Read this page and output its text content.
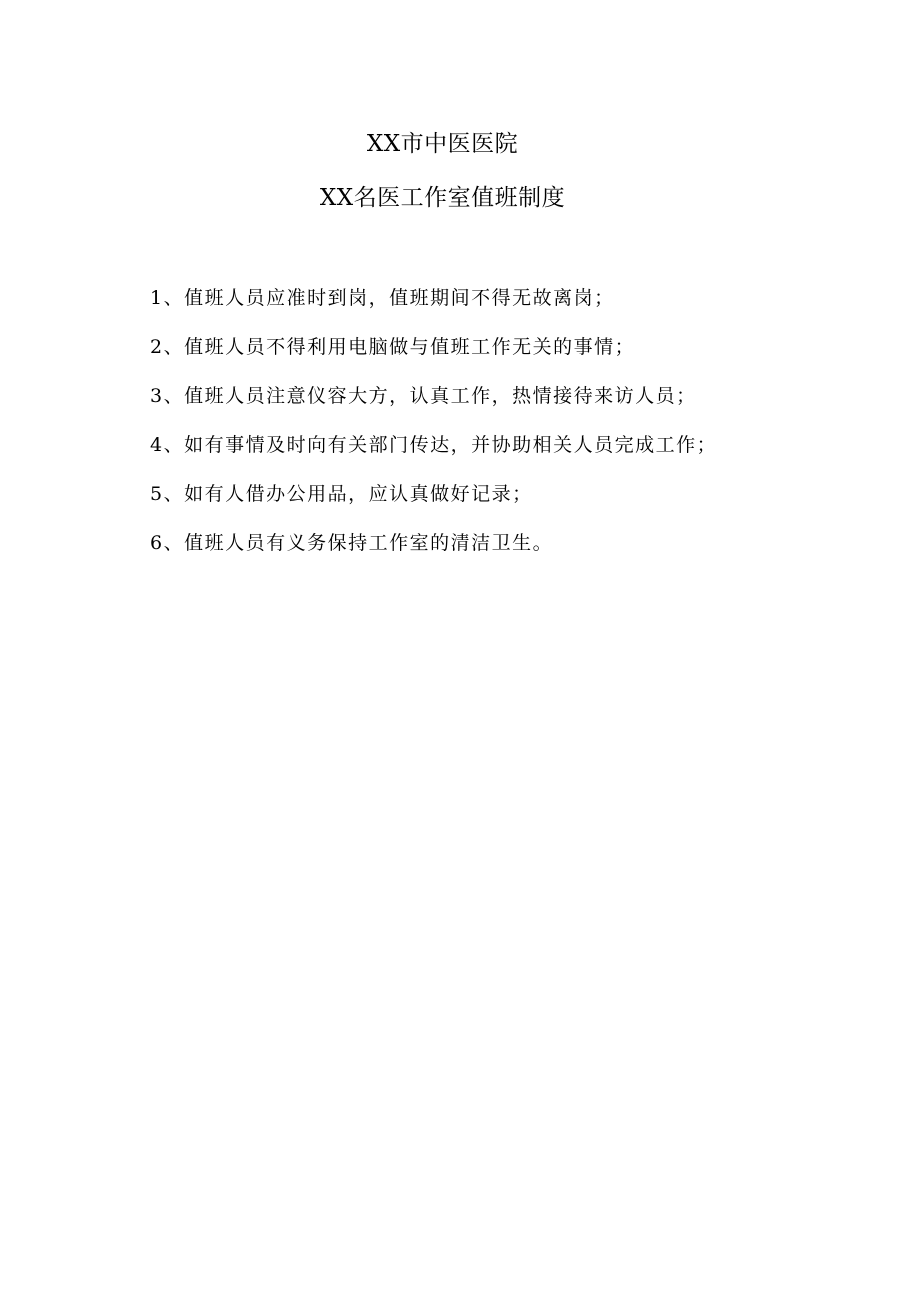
XX市中医医院
XX名医工作室值班制度
1、值班人员应准时到岗，值班期间不得无故离岗；
2、值班人员不得利用电脑做与值班工作无关的事情；
3、值班人员注意仪容大方，认真工作，热情接待来访人员；
4、如有事情及时向有关部门传达，并协助相关人员完成工作；
5、如有人借办公用品，应认真做好记录；
6、值班人员有义务保持工作室的清洁卫生。
